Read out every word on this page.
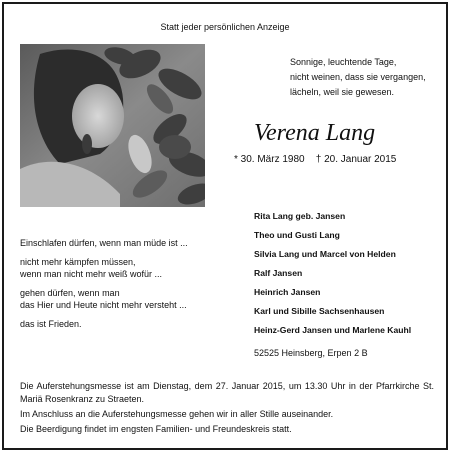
Statt jeder persönlichen Anzeige
Sonnige, leuchtende Tage,
nicht weinen, dass sie vergangen,
lächeln, weil sie gewesen.
Verena Lang
* 30. März 1980 † 20. Januar 2015

Einschlafen dürfen, wenn man müde ist ...

nicht mehr kämpfen müssen,
wenn man nicht mehr weiß wofür ...

gehen dürfen, wenn man
das Hier und Heute nicht mehr versteht ...

das ist Frieden.

Rita Lang geb. Jansen
Theo und Gusti Lang
Silvia Lang und Marcel von Helden
Ralf Jansen
Heinrich Jansen
Karl und Sibille Sachsenhausen
Heinz-Gerd Jansen und Marlene Kauhl
52525 Heinsberg, Erpen 2 B

Die Auferstehungsmesse ist am Dienstag, dem 27. Januar 2015, um 13.30 Uhr in der Pfarrkirche St. Mariä Rosenkranz zu Straeten.

Im Anschluss an die Auferstehungsmesse gehen wir in aller Stille auseinander.

Die Beerdigung findet im engsten Familien- und Freundeskreis statt.
